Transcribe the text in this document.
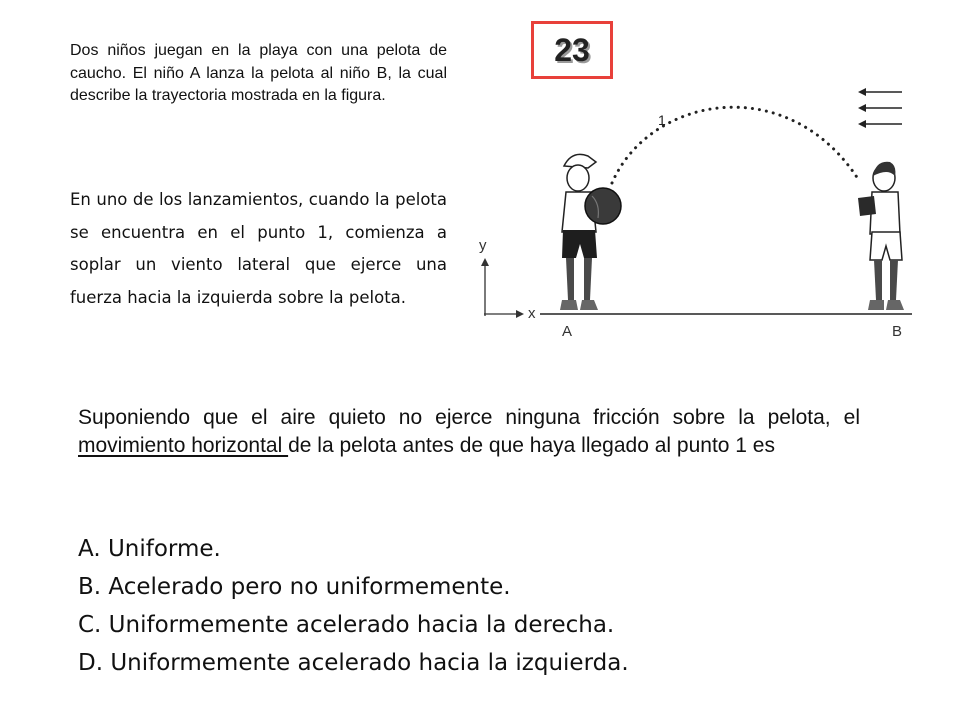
23

Dos niños juegan en la playa con una pelota de caucho. El niño A lanza la pelota al niño B, la cual describe la trayectoria mostrada en la figura.

En uno de los lanzamientos, cuando la pelota se encuentra en el punto 1, comienza a soplar un viento lateral que ejerce una fuerza hacia la izquierda sobre la pelota.

y
x
1
A	B

Suponiendo que el aire quieto no ejerce ninguna fricción sobre la pelota, el movimiento horizontal de la pelota antes de que haya llegado al punto 1 es

A. Uniforme.
B. Acelerado pero no uniformemente.
C. Uniformemente acelerado hacia la derecha.
D. Uniformemente acelerado hacia la izquierda.
